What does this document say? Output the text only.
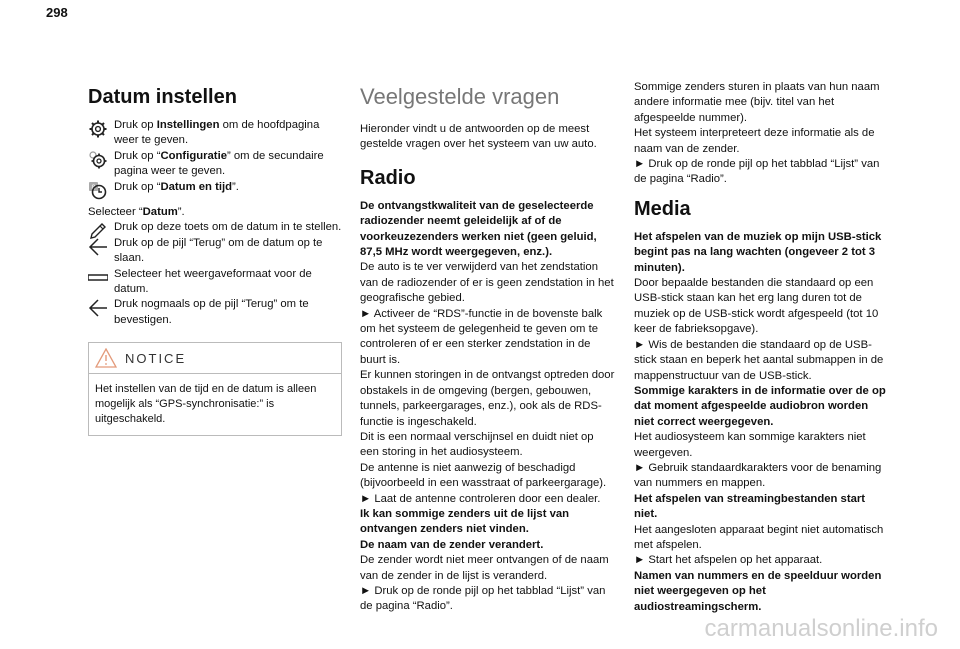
298
Datum instellen
Druk op Instellingen om de hoofdpagina weer te geven.
Druk op “Configuratie” om de secundaire pagina weer te geven.
8 Druk op “Datum en tijd”.

Selecteer “Datum”.

Druk op deze toets om de datum in te stellen.
Druk op de pijl “Terug” om de datum op te slaan.
Selecteer het weergaveformaat voor de datum.
Druk nogmaals op de pijl “Terug” om te bevestigen.
NOTICE
Het instellen van de tijd en de datum is alleen mogelijk als “GPS-synchronisatie:” is uitgeschakeld.
Veelgestelde vragen

Hieronder vindt u de antwoorden op de meest gestelde vragen over het systeem van uw auto.

Radio

De ontvangstkwaliteit van de geselecteerde radiozender neemt geleidelijk af of de voorkeuzezenders werken niet (geen geluid, 87,5 MHz wordt weergegeven, enz.).

De auto is te ver verwijderd van het zendstation van de radiozender of er is geen zendstation in het geografische gebied.

► Activeer de “RDS”-functie in de bovenste balk om het systeem de gelegenheid te geven om te controleren of er een sterker zendstation in de buurt is.

Er kunnen storingen in de ontvangst optreden door obstakels in de omgeving (bergen, gebouwen, tunnels, parkeergarages, enz.), ook als de RDS-functie is ingeschakeld.

Dit is een normaal verschijnsel en duidt niet op een storing in het audiosysteem.

De antenne is niet aanwezig of beschadigd (bijvoorbeeld in een wasstraat of parkeergarage).

► Laat de antenne controleren door een dealer.

Ik kan sommige zenders uit de lijst van ontvangen zenders niet vinden.

De naam van de zender verandert.

De zender wordt niet meer ontvangen of de naam van de zender in de lijst is veranderd.

► Druk op de ronde pijl op het tabblad “Lijst” van de pagina “Radio”.

Sommige zenders sturen in plaats van hun naam andere informatie mee (bijv. titel van het afgespeelde nummer).

Het systeem interpreteert deze informatie als de naam van de zender.

► Druk op de ronde pijl op het tabblad “Lijst” van de pagina “Radio”.

Media

Het afspelen van de muziek op mijn USB-stick begint pas na lang wachten (ongeveer 2 tot 3 minuten).

Door bepaalde bestanden die standaard op een USB-stick staan kan het erg lang duren tot de muziek op de USB-stick wordt afgespeeld (tot 10 keer de fabrieksopgave).

► Wis de bestanden die standaard op de USB-stick staan en beperk het aantal submappen in de mappenstructuur van de USB-stick.

Sommige karakters in de informatie over de op dat moment afgespeelde audiobron worden niet correct weergegeven.

Het audiosysteem kan sommige karakters niet weergeven.

► Gebruik standaardkarakters voor de benaming van nummers en mappen.

Het afspelen van streamingbestanden start niet.

Het aangesloten apparaat begint niet automatisch met afspelen.

► Start het afspelen op het apparaat.

Namen van nummers en de speelduur worden niet weergegeven op het audiostreamingscherm.

carmanualsonline.info
